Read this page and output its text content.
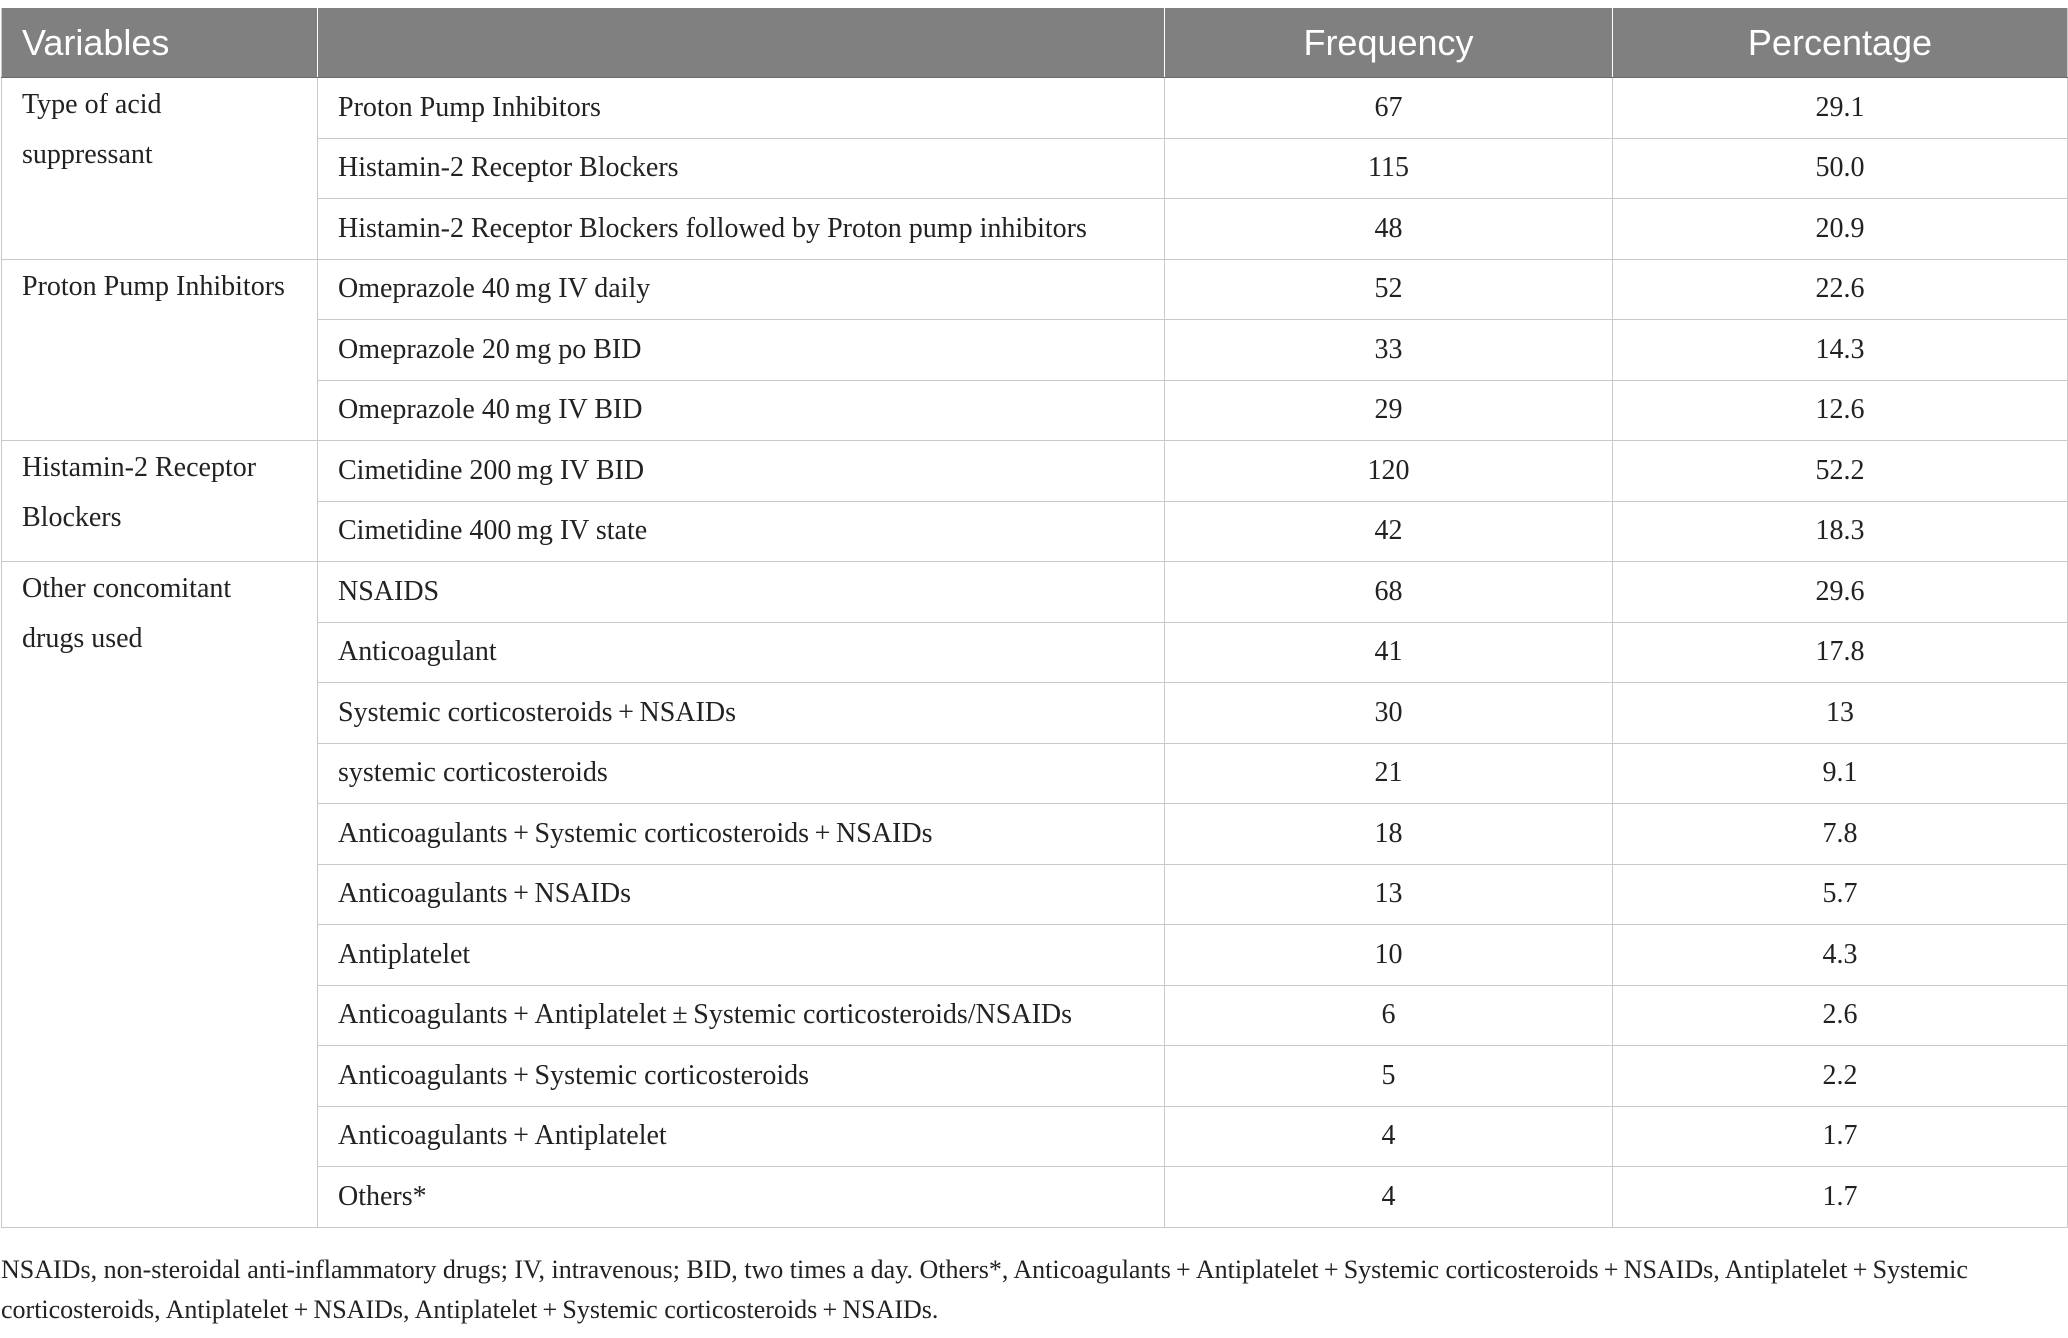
Variables		Frequency	Percentage
Type of acid suppressant	Proton Pump Inhibitors	67	29.1
	Histamin-2 Receptor Blockers	115	50.0
	Histamin-2 Receptor Blockers followed by Proton pump inhibitors	48	20.9
Proton Pump Inhibitors	Omeprazole 40 mg IV daily	52	22.6
	Omeprazole 20 mg po BID	33	14.3
	Omeprazole 40 mg IV BID	29	12.6
Histamin-2 Receptor Blockers	Cimetidine 200 mg IV BID	120	52.2
	Cimetidine 400 mg IV state	42	18.3
Other concomitant drugs used	NSAIDS	68	29.6
	Anticoagulant	41	17.8
	Systemic corticosteroids + NSAIDs	30	13
	systemic corticosteroids	21	9.1
	Anticoagulants + Systemic corticosteroids + NSAIDs	18	7.8
	Anticoagulants + NSAIDs	13	5.7
	Antiplatelet	10	4.3
	Anticoagulants + Antiplatelet ± Systemic corticosteroids/NSAIDs	6	2.6
	Anticoagulants + Systemic corticosteroids	5	2.2
	Anticoagulants + Antiplatelet	4	1.7
	Others*	4	1.7
NSAIDs, non-steroidal anti-inflammatory drugs; IV, intravenous; BID, two times a day. Others*, Anticoagulants + Antiplatelet + Systemic corticosteroids + NSAIDs, Antiplatelet + Systemic corticosteroids, Antiplatelet + NSAIDs, Antiplatelet + Systemic corticosteroids + NSAIDs.
